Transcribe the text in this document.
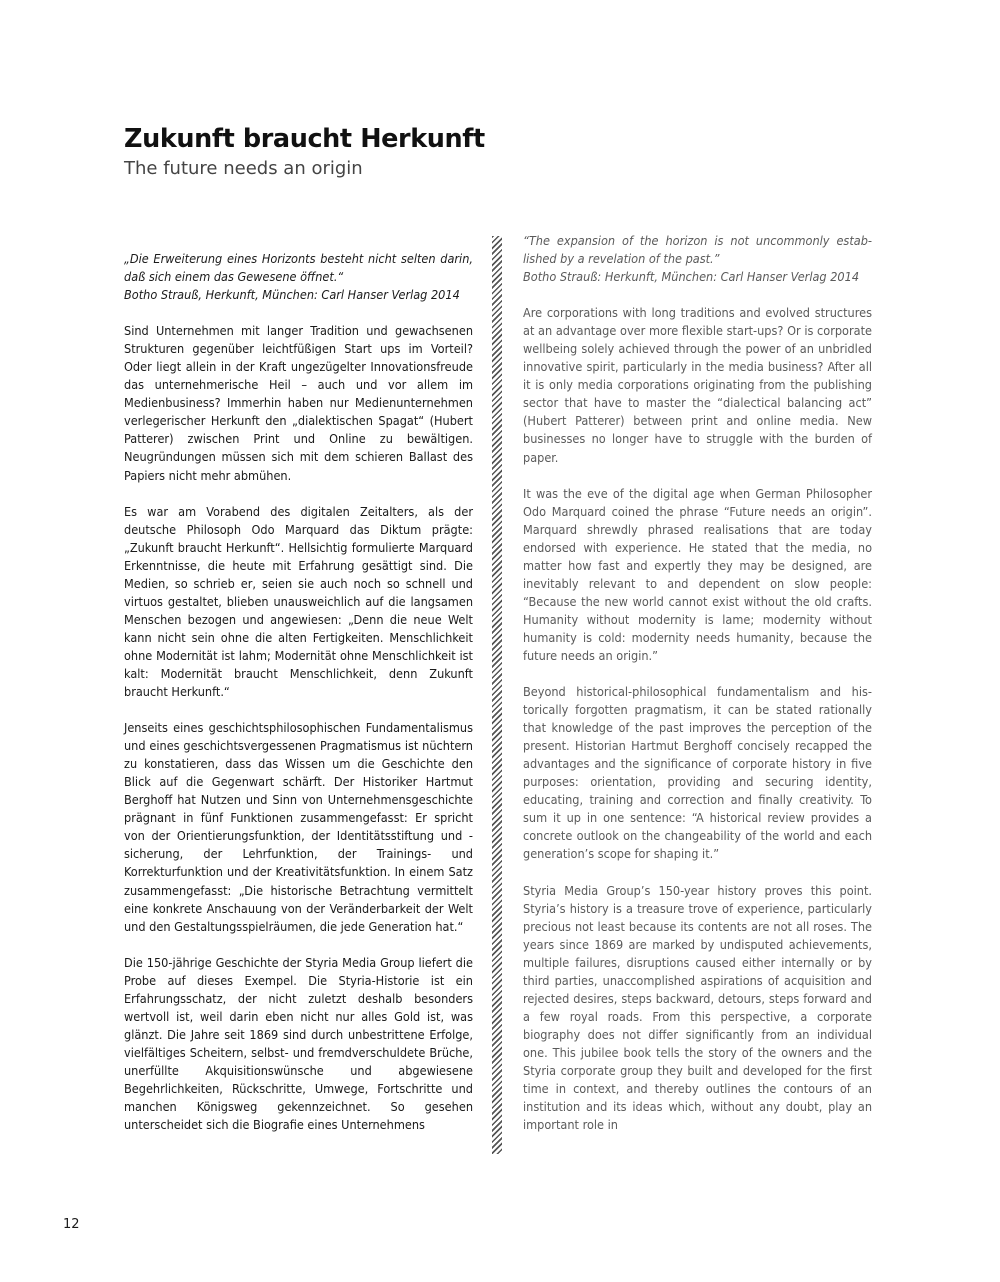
Zukunft braucht Herkunft
The future needs an origin

„Die Erweiterung eines Horizonts besteht nicht selten darin, daß sich einem das Gewesene öffnet.“
Botho Strauß, Herkunft, München: Carl Hanser Verlag 2014

Sind Unternehmen mit langer Tradition und gewachsenen Strukturen gegenüber leichtfüßigen Start ups im Vorteil? Oder liegt allein in der Kraft ungezügelter Innovationsfreude das unternehmerische Heil – auch und vor allem im Medienbusiness? Immerhin haben nur Medienunternehmen verlegerischer Herkunft den „dialektischen Spagat“ (Hubert Patterer) zwischen Print und Online zu bewältigen. Neugründungen müssen sich mit dem schieren Ballast des Papiers nicht mehr abmühen.

Es war am Vorabend des digitalen Zeitalters, als der deutsche Philosoph Odo Marquard das Diktum prägte: „Zukunft braucht Herkunft“. Hellsichtig formulierte Marquard Erkenntnisse, die heute mit Erfahrung gesättigt sind. Die Medien, so schrieb er, seien sie auch noch so schnell und virtuos gestaltet, blieben unausweichlich auf die langsamen Menschen bezogen und angewiesen: „Denn die neue Welt kann nicht sein ohne die alten Fertigkeiten. Menschlichkeit ohne Modernität ist lahm; Modernität ohne Menschlichkeit ist kalt: Modernität braucht Menschlichkeit, denn Zukunft braucht Herkunft.“

Jenseits eines geschichtsphilosophischen Fundamentalismus und eines geschichtsvergessenen Pragmatismus ist nüchtern zu konstatieren, dass das Wissen um die Geschichte den Blick auf die Gegenwart schärft. Der Historiker Hartmut Berghoff hat Nutzen und Sinn von Unternehmensgeschichte prägnant in fünf Funktionen zusammengefasst: Er spricht von der Orientierungsfunktion, der Identitätsstiftung und -sicherung, der Lehrfunktion, der Trainings- und Korrekturfunktion und der Kreativitätsfunktion. In einem Satz zusammengefasst: „Die historische Betrachtung vermittelt eine konkrete Anschauung von der Veränderbarkeit der Welt und den Gestaltungsspielräumen, die jede Generation hat.“

Die 150-jährige Geschichte der Styria Media Group liefert die Probe auf dieses Exempel. Die Styria-Historie ist ein Erfahrungsschatz, der nicht zuletzt deshalb besonders wertvoll ist, weil darin eben nicht nur alles Gold ist, was glänzt. Die Jahre seit 1869 sind durch unbestrittene Erfolge, vielfältiges Scheitern, selbst- und fremdverschuldete Brüche, unerfüllte Akquisitionswünsche und abgewiesene Begehrlichkeiten, Rückschritte, Umwege, Fortschritte und manchen Königsweg gekennzeichnet. So gesehen unterscheidet sich die Biografie eines Unternehmens

“The expansion of the horizon is not uncommonly established by a revelation of the past.”
Botho Strauß: Herkunft, München: Carl Hanser Verlag 2014

Are corporations with long traditions and evolved structures at an advantage over more flexible start-ups? Or is corporate wellbeing solely achieved through the power of an unbridled innovative spirit, particularly in the media business? After all it is only media corporations originating from the publishing sector that have to master the “dialectical balancing act” (Hubert Patterer) between print and online media. New businesses no longer have to struggle with the burden of paper.

It was the eve of the digital age when German Philosopher Odo Marquard coined the phrase “Future needs an origin”. Marquard shrewdly phrased realisations that are today endorsed with experience. He stated that the media, no matter how fast and expertly they may be designed, are inevitably relevant to and dependent on slow people: “Because the new world cannot exist without the old crafts. Humanity without modernity is lame; modernity without humanity is cold: modernity needs humanity, because the future needs an origin.”

Beyond historical-philosophical fundamentalism and historically forgotten pragmatism, it can be stated rationally that knowledge of the past improves the perception of the present. Historian Hartmut Berghoff concisely recapped the advantages and the significance of corporate history in five purposes: orientation, providing and securing identity, educating, training and correction and finally creativity. To sum it up in one sentence: “A historical review provides a concrete outlook on the changeability of the world and each generation’s scope for shaping it.”

Styria Media Group’s 150-year history proves this point. Styria’s history is a treasure trove of experience, particularly precious not least because its contents are not all roses. The years since 1869 are marked by undisputed achievements, multiple failures, disruptions caused either internally or by third parties, unaccomplished aspirations of acquisition and rejected desires, steps backward, detours, steps forward and a few royal roads. From this perspective, a corporate biography does not differ significantly from an individual one. This jubilee book tells the story of the owners and the Styria corporate group they built and developed for the first time in context, and thereby outlines the contours of an institution and its ideas which, without any doubt, play an important role in

12
